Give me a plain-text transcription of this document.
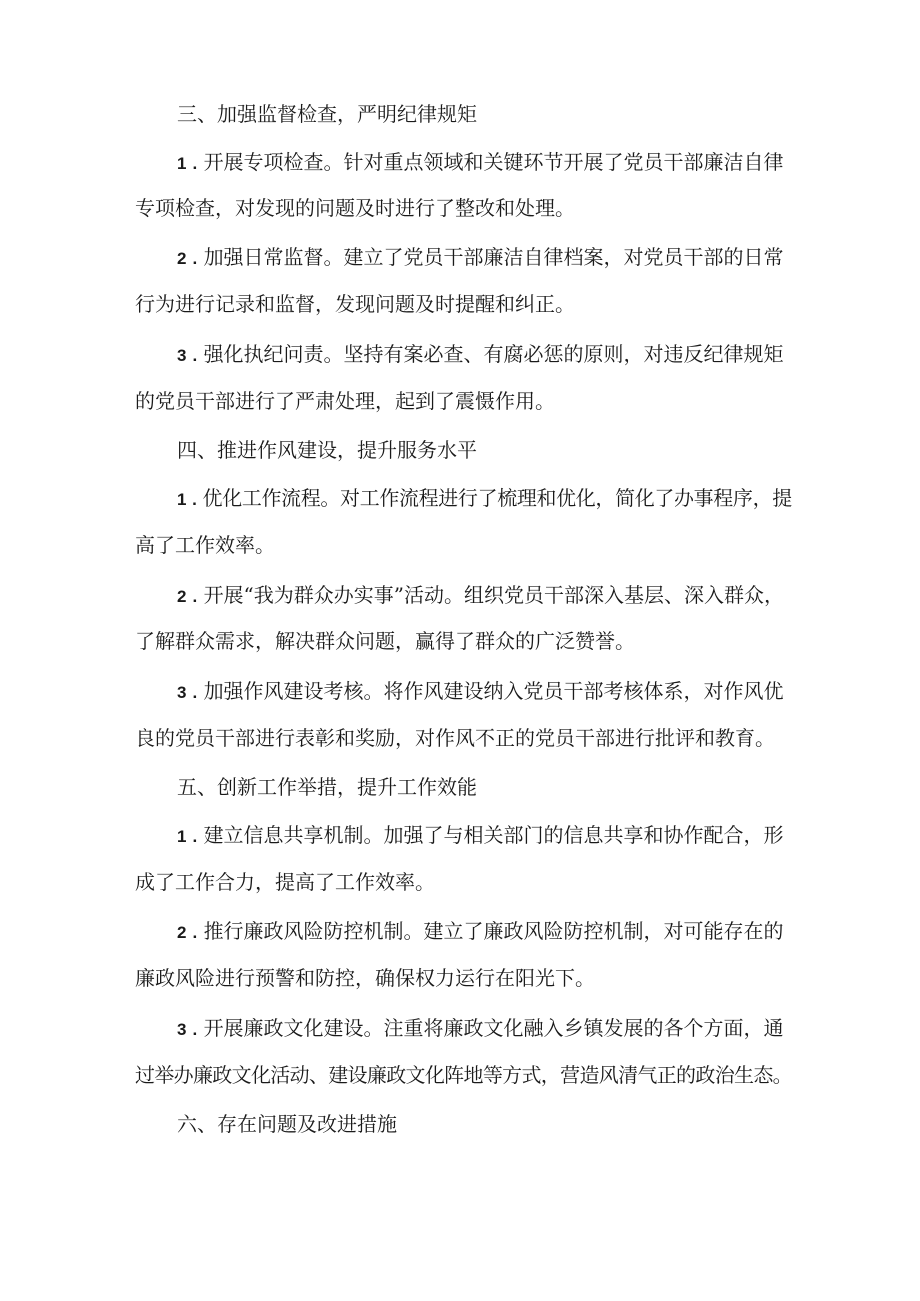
三、加强监督检查，严明纪律规矩
1 . 开展专项检查。针对重点领域和关键环节开展了党员干部廉洁自律
专项检查，对发现的问题及时进行了整改和处理。
2 . 加强日常监督。建立了党员干部廉洁自律档案，对党员干部的日常
行为进行记录和监督，发现问题及时提醒和纠正。
3 . 强化执纪问责。坚持有案必查、有腐必惩的原则，对违反纪律规矩
的党员干部进行了严肃处理，起到了震慑作用。
四、推进作风建设，提升服务水平
1 . 优化工作流程。对工作流程进行了梳理和优化，简化了办事程序，提
高了工作效率。
2 . 开展“我为群众办实事”活动。组织党员干部深入基层、深入群众，
了解群众需求，解决群众问题，赢得了群众的广泛赞誉。
3 . 加强作风建设考核。将作风建设纳入党员干部考核体系，对作风优
良的党员干部进行表彰和奖励，对作风不正的党员干部进行批评和教育。
五、创新工作举措，提升工作效能
1 . 建立信息共享机制。加强了与相关部门的信息共享和协作配合，形
成了工作合力，提高了工作效率。
2 . 推行廉政风险防控机制。建立了廉政风险防控机制，对可能存在的
廉政风险进行预警和防控，确保权力运行在阳光下。
3 . 开展廉政文化建设。注重将廉政文化融入乡镇发展的各个方面，通
过举办廉政文化活动、建设廉政文化阵地等方式，营造风清气正的政治生态。
六、存在问题及改进措施
